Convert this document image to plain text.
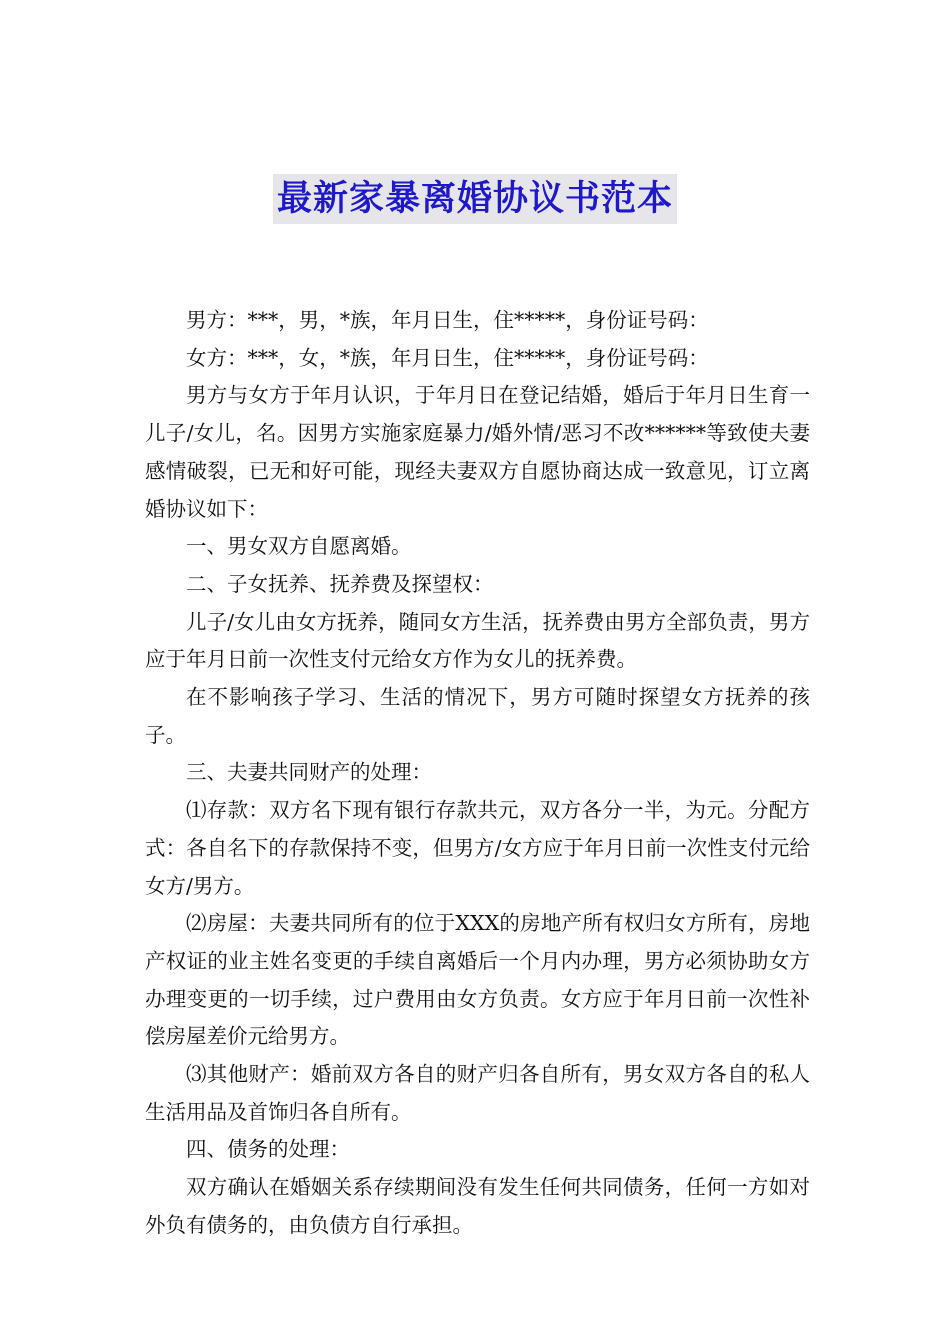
最新家暴离婚协议书范本

男方：***，男，*族，年月日生，住*****，身份证号码：

女方：***，女，*族，年月日生，住*****，身份证号码：

男方与女方于年月认识，于年月日在登记结婚，婚后于年月日生育一儿子/女儿，名。因男方实施家庭暴力/婚外情/恶习不改******等致使夫妻感情破裂，已无和好可能，现经夫妻双方自愿协商达成一致意见，订立离婚协议如下：

一、男女双方自愿离婚。

二、子女抚养、抚养费及探望权：

儿子/女儿由女方抚养，随同女方生活，抚养费由男方全部负责，男方应于年月日前一次性支付元给女方作为女儿的抚养费。

在不影响孩子学习、生活的情况下，男方可随时探望女方抚养的孩子。

三、夫妻共同财产的处理：

⑴存款：双方名下现有银行存款共元，双方各分一半，为元。分配方式：各自名下的存款保持不变，但男方/女方应于年月日前一次性支付元给女方/男方。

⑵房屋：夫妻共同所有的位于XXX的房地产所有权归女方所有，房地产权证的业主姓名变更的手续自离婚后一个月内办理，男方必须协助女方办理变更的一切手续，过户费用由女方负责。女方应于年月日前一次性补偿房屋差价元给男方。

⑶其他财产：婚前双方各自的财产归各自所有，男女双方各自的私人生活用品及首饰归各自所有。

四、债务的处理：

双方确认在婚姻关系存续期间没有发生任何共同债务，任何一方如对外负有债务的，由负债方自行承担。
